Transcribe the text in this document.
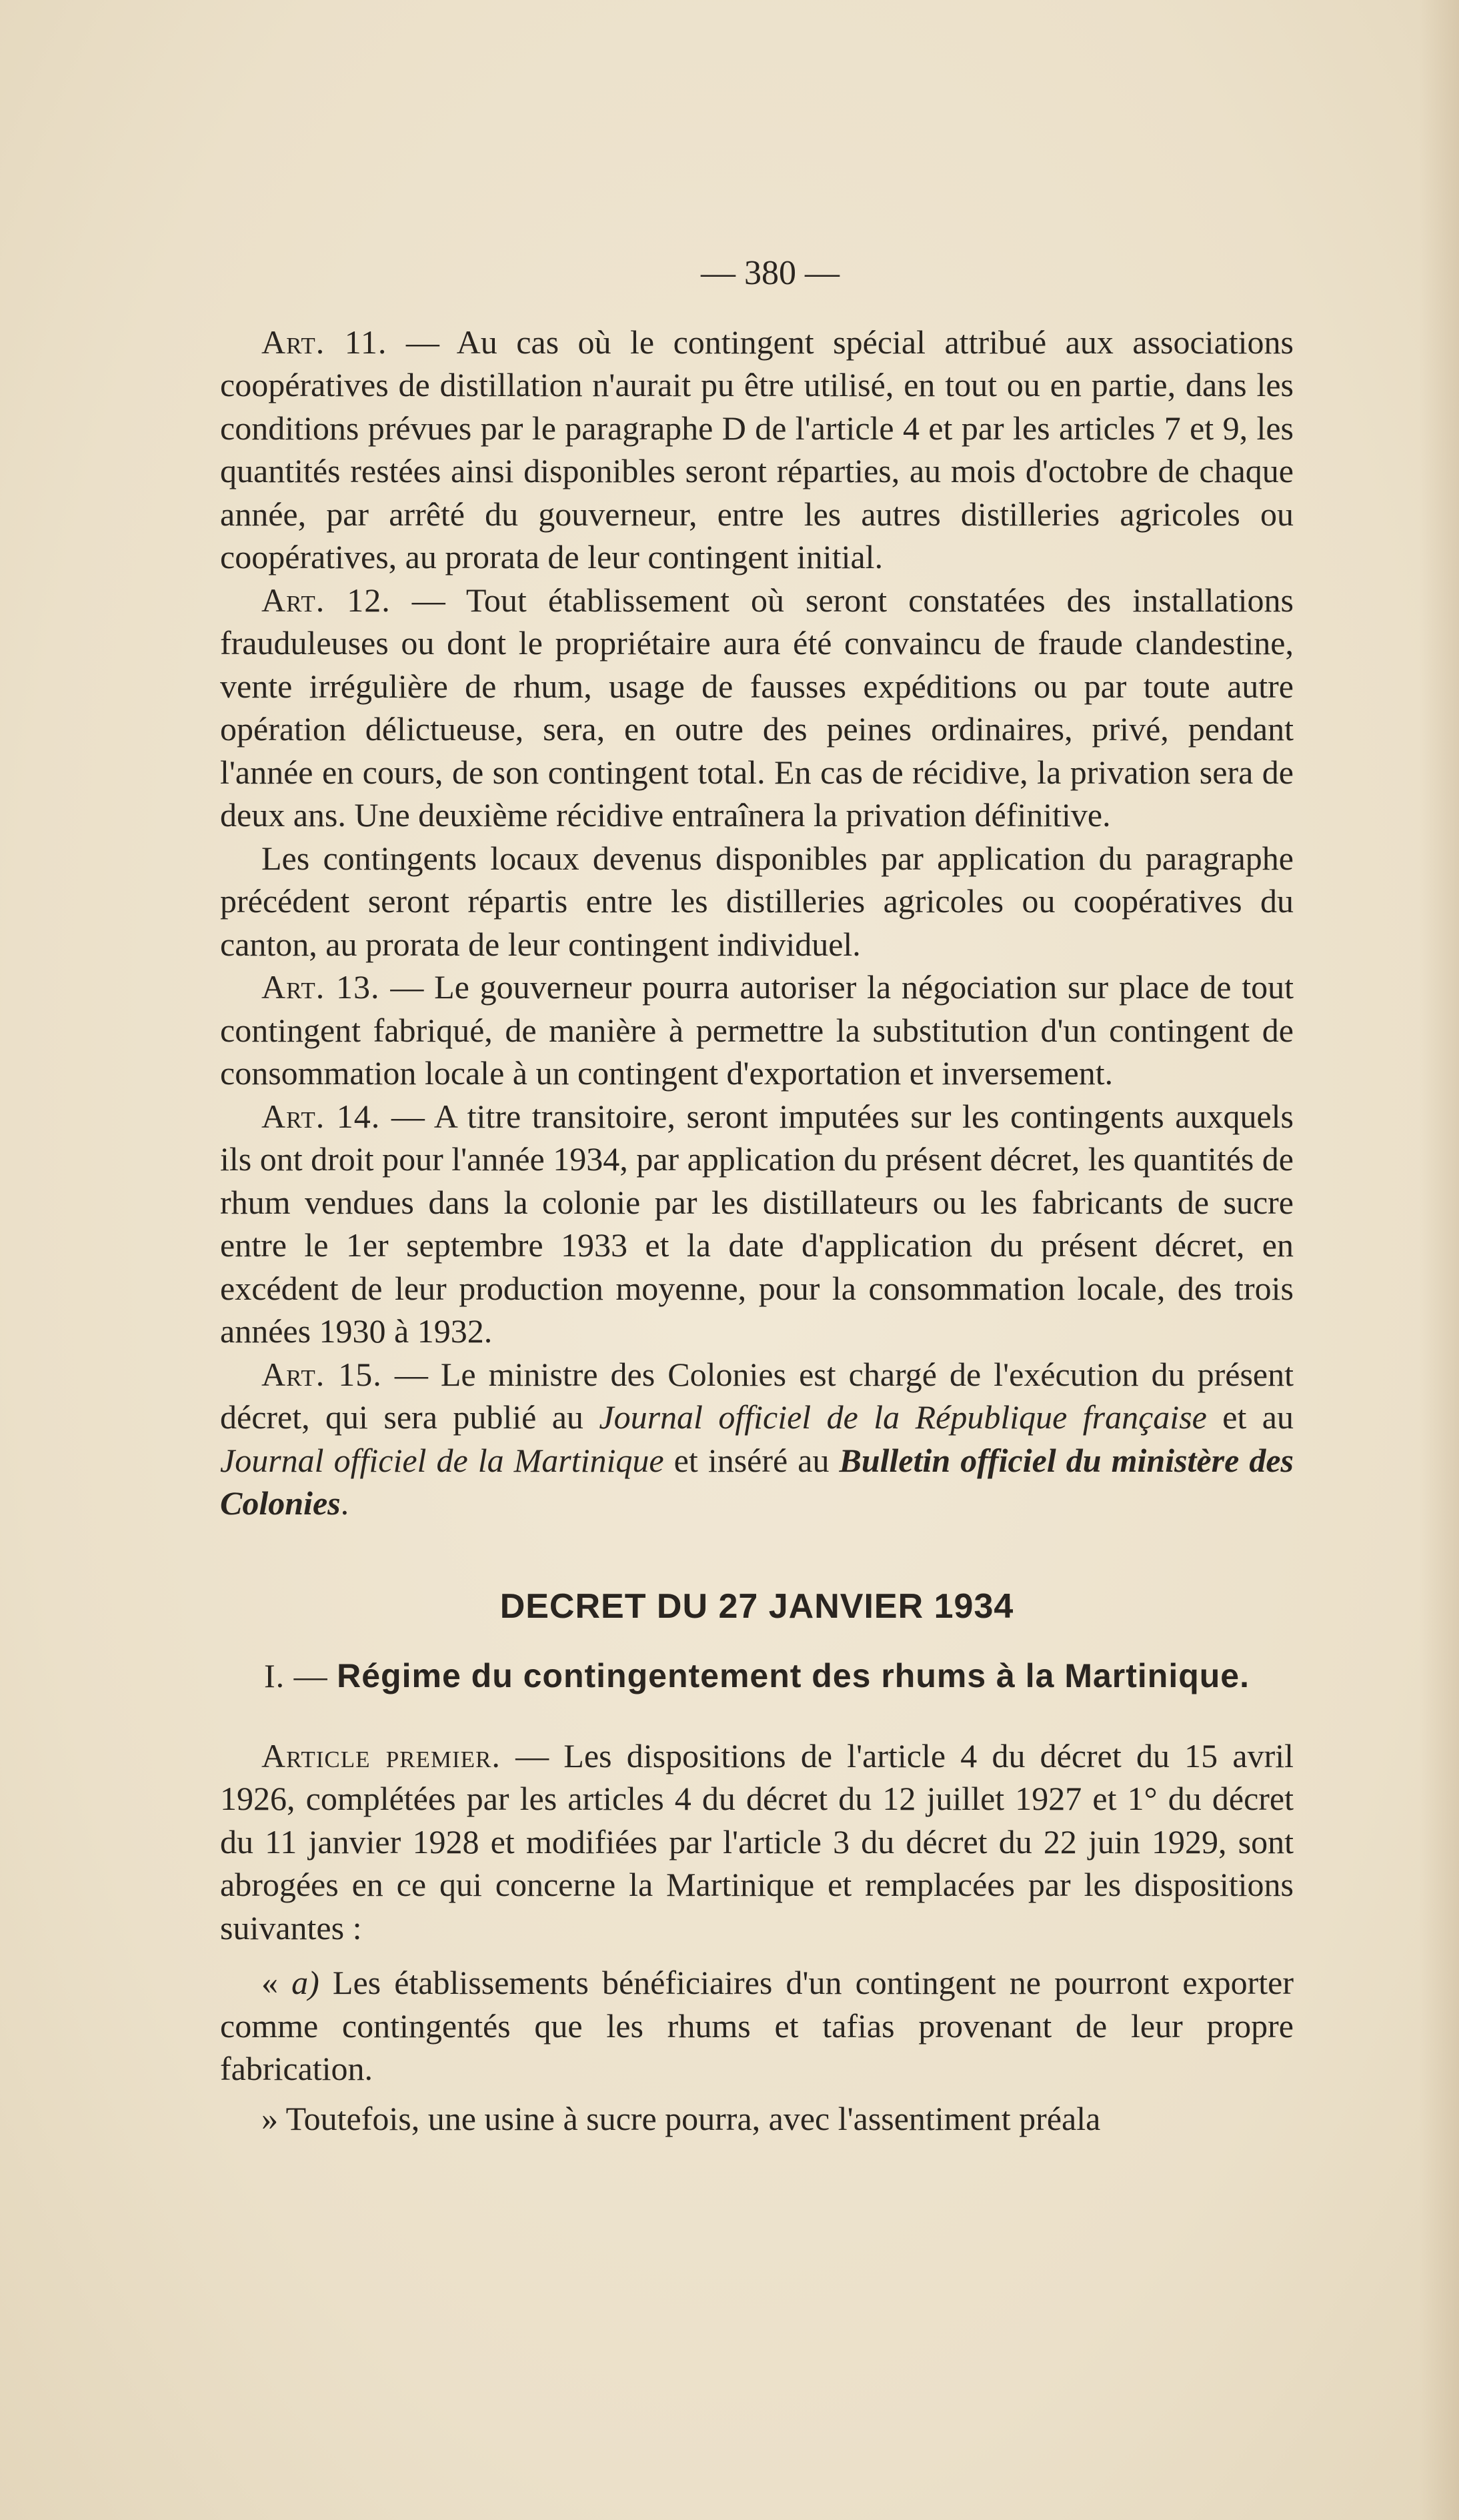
— 380 —

Art. 11. — Au cas où le contingent spécial attribué aux associations coopératives de distillation n'aurait pu être utilisé, en tout ou en partie, dans les conditions prévues par le paragraphe D de l'article 4 et par les articles 7 et 9, les quantités restées ainsi disponibles seront réparties, au mois d'octobre de chaque année, par arrêté du gouverneur, entre les autres distilleries agricoles ou coopératives, au prorata de leur contingent initial.

Art. 12. — Tout établissement où seront constatées des installations frauduleuses ou dont le propriétaire aura été convaincu de fraude clandestine, vente irrégulière de rhum, usage de fausses expéditions ou par toute autre opération délictueuse, sera, en outre des peines ordinaires, privé, pendant l'année en cours, de son contingent total. En cas de récidive, la privation sera de deux ans. Une deuxième récidive entraînera la privation définitive.

Les contingents locaux devenus disponibles par application du paragraphe précédent seront répartis entre les distilleries agricoles ou coopératives du canton, au prorata de leur contingent individuel.

Art. 13. — Le gouverneur pourra autoriser la négociation sur place de tout contingent fabriqué, de manière à permettre la substitution d'un contingent de consommation locale à un contingent d'exportation et inversement.

Art. 14. — A titre transitoire, seront imputées sur les contingents auxquels ils ont droit pour l'année 1934, par application du présent décret, les quantités de rhum vendues dans la colonie par les distillateurs ou les fabricants de sucre entre le 1er septembre 1933 et la date d'application du présent décret, en excédent de leur production moyenne, pour la consommation locale, des trois années 1930 à 1932.

Art. 15. — Le ministre des Colonies est chargé de l'exécution du présent décret, qui sera publié au Journal officiel de la République française et au Journal officiel de la Martinique et inséré au Bulletin officiel du ministère des Colonies.

DECRET DU 27 JANVIER 1934
I. — Régime du contingentement des rhums à la Martinique.

Article premier. — Les dispositions de l'article 4 du décret du 15 avril 1926, complétées par les articles 4 du décret du 12 juillet 1927 et 1° du décret du 11 janvier 1928 et modifiées par l'article 3 du décret du 22 juin 1929, sont abrogées en ce qui concerne la Martinique et remplacées par les dispositions suivantes :

« a) Les établissements bénéficiaires d'un contingent ne pourront exporter comme contingentés que les rhums et tafias provenant de leur propre fabrication.

» Toutefois, une usine à sucre pourra, avec l'assentiment préala
